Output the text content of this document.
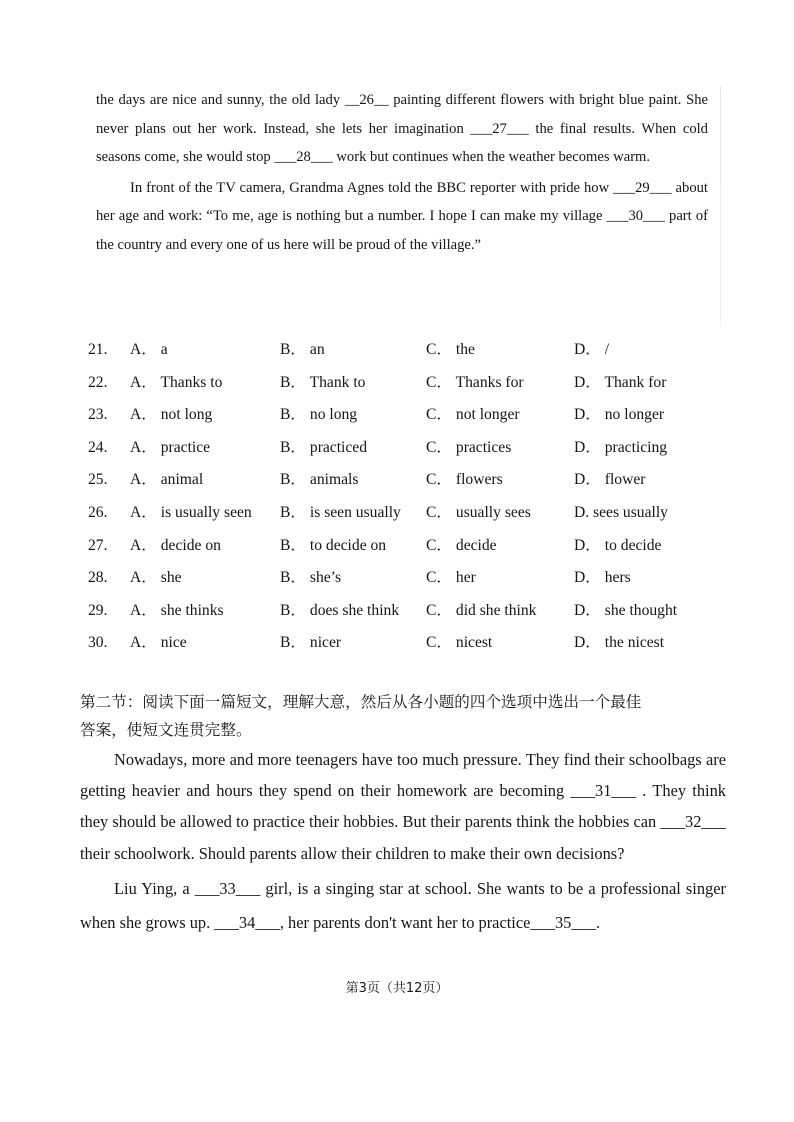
the days are nice and sunny, the old lady __26__ painting different flowers with bright blue paint. She never plans out her work. Instead, she lets her imagination ___27___ the final results. When cold seasons come, she would stop ___28___ work but continues when the weather becomes warm.

In front of the TV camera, Grandma Agnes told the BBC reporter with pride how ___29___ about her age and work: “To me, age is nothing but a number. I hope I can make my village ___30___ part of the country and every one of us here will be proud of the village.”

21. A． a	B． an	C． the	D． /
22. A． Thanks to	B． Thank to	C． Thanks for	D． Thank for
23. A． not long	B． no long	C． not longer	D． no longer
24. A． practice	B． practiced	C． practices	D． practicing
25. A． animal	B． animals	C． flowers	D． flower
26. A． is usually seen B． is seen usually C． usually sees	D. sees usually
27. A． decide on	B． to decide on	C． decide	D． to decide
28. A． she	B． she’s	C． her	D． hers
29. A． she thinks	B． does she think C． did she think D． she thought
30. A． nice	B． nicer	C． nicest	D． the nicest

第二节：阅读下面一篇短文，理解大意，然后从各小题的四个选项中选出一个最佳

答案，使短文连贯完整。

Nowadays, more and more teenagers have too much pressure. They find their schoolbags are getting heavier and hours they spend on their homework are becoming ___31___ . They think they should be allowed to practice their hobbies. But their parents think the hobbies can ___32___ their schoolwork. Should parents allow their children to make their own decisions?

Liu Ying, a ___33___ girl, is a singing star at school. She wants to be a professional singer when she grows up. ___34___, her parents don't want her to practice___35___.

第3页（共12页）
